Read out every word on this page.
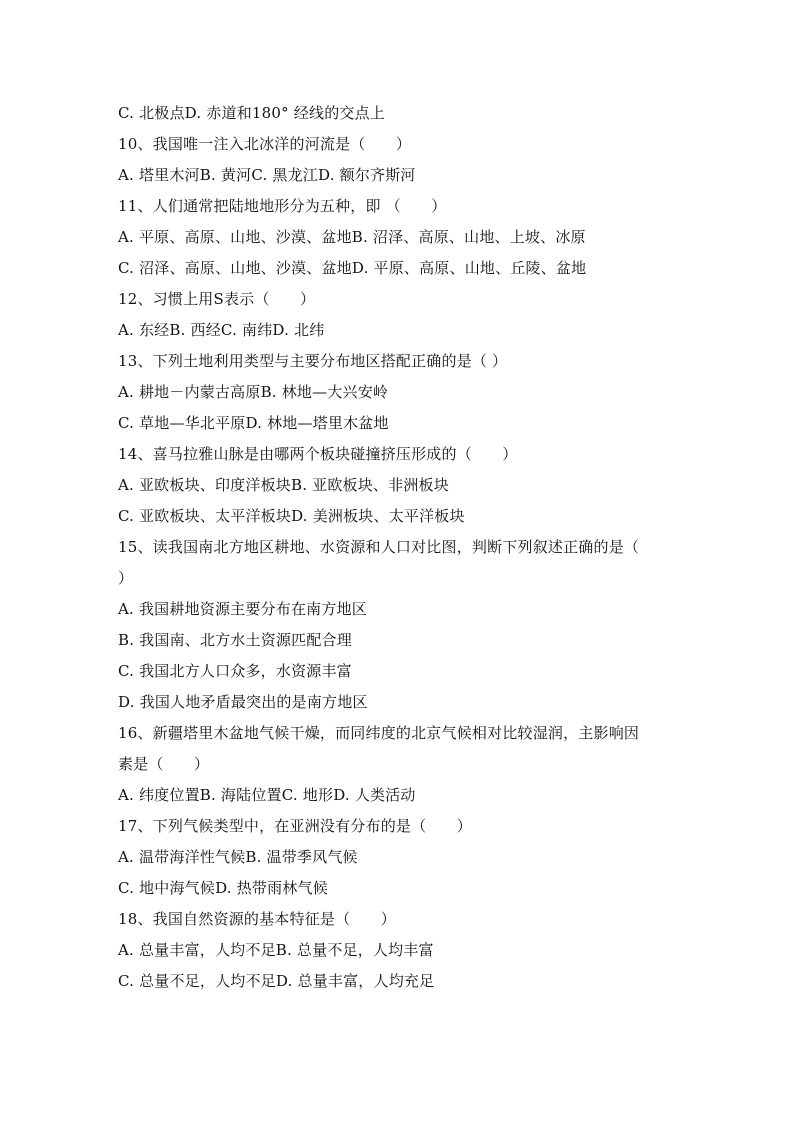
C. 北极点D. 赤道和180° 经线的交点上
10、我国唯一注入北冰洋的河流是（　　）
A. 塔里木河B. 黄河C. 黑龙江D. 额尔齐斯河
11、人们通常把陆地地形分为五种，即 （　　）
A. 平原、高原、山地、沙漠、盆地B. 沼泽、高原、山地、上坡、冰原
C. 沼泽、高原、山地、沙漠、盆地D. 平原、高原、山地、丘陵、盆地
12、习惯上用S表示（　　）
A. 东经B. 西经C. 南纬D. 北纬
13、下列土地利用类型与主要分布地区搭配正确的是（ ）
A. 耕地－内蒙古高原B. 林地—大兴安岭
C. 草地—华北平原D. 林地—塔里木盆地
14、喜马拉雅山脉是由哪两个板块碰撞挤压形成的（　　）
A. 亚欧板块、印度洋板块B. 亚欧板块、非洲板块
C. 亚欧板块、太平洋板块D. 美洲板块、太平洋板块
15、读我国南北方地区耕地、水资源和人口对比图，判断下列叙述正确的是（
）
A. 我国耕地资源主要分布在南方地区
B. 我国南、北方水土资源匹配合理
C. 我国北方人口众多，水资源丰富
D. 我国人地矛盾最突出的是南方地区
16、新疆塔里木盆地气候干燥，而同纬度的北京气候相对比较湿润，主影响因
素是（　　）
A. 纬度位置B. 海陆位置C. 地形D. 人类活动
17、下列气候类型中，在亚洲没有分布的是（　　）
A. 温带海洋性气候B. 温带季风气候
C. 地中海气候D. 热带雨林气候
18、我国自然资源的基本特征是（　　）
A. 总量丰富，人均不足B. 总量不足，人均丰富
C. 总量不足，人均不足D. 总量丰富，人均充足
